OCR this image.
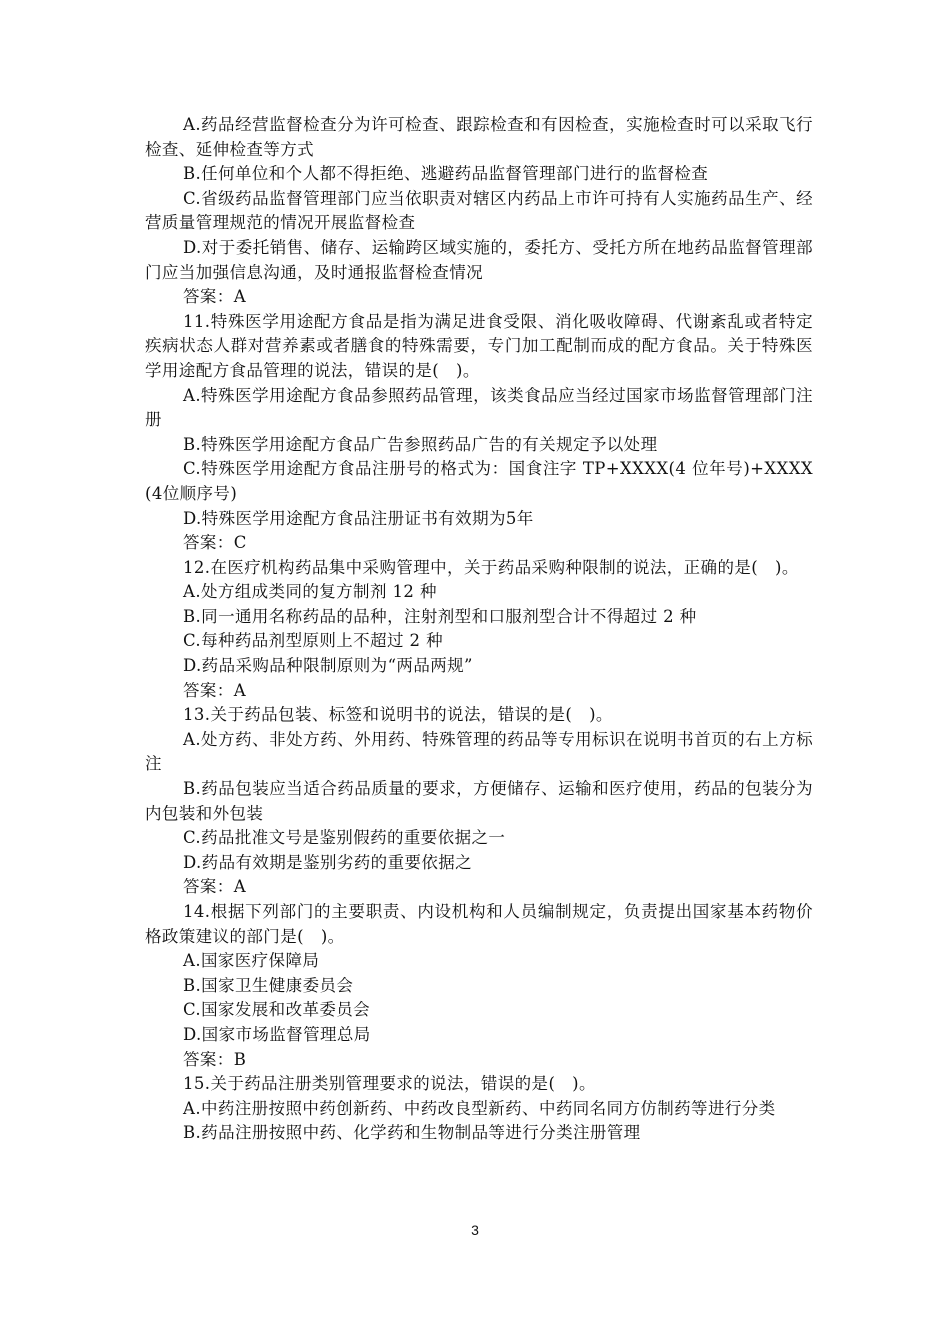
A.药品经营监督检查分为许可检查、跟踪检查和有因检查，实施检查时可以采取飞行检查、延伸检查等方式

B.任何单位和个人都不得拒绝、逃避药品监督管理部门进行的监督检查

C.省级药品监督管理部门应当依职责对辖区内药品上市许可持有人实施药品生产、经营质量管理规范的情况开展监督检查

D.对于委托销售、储存、运输跨区域实施的，委托方、受托方所在地药品监督管理部门应当加强信息沟通，及时通报监督检查情况

答案：A

11.特殊医学用途配方食品是指为满足进食受限、消化吸收障碍、代谢紊乱或者特定疾病状态人群对营养素或者膳食的特殊需要，专门加工配制而成的配方食品。关于特殊医学用途配方食品管理的说法，错误的是(　)。

A.特殊医学用途配方食品参照药品管理，该类食品应当经过国家市场监督管理部门注册

B.特殊医学用途配方食品广告参照药品广告的有关规定予以处理

C.特殊医学用途配方食品注册号的格式为：国食注字 TP+XXXX(4 位年号)+XXXX(4位顺序号)

D.特殊医学用途配方食品注册证书有效期为5年

答案：C

12.在医疗机构药品集中采购管理中，关于药品采购种限制的说法，正确的是(　)。

A.处方组成类同的复方制剂 12 种

B.同一通用名称药品的品种，注射剂型和口服剂型合计不得超过 2 种

C.每种药品剂型原则上不超过 2 种

D.药品采购品种限制原则为“两品两规”

答案：A

13.关于药品包装、标签和说明书的说法，错误的是(　)。

A.处方药、非处方药、外用药、特殊管理的药品等专用标识在说明书首页的右上方标注

B.药品包装应当适合药品质量的要求，方便储存、运输和医疗使用，药品的包装分为内包装和外包装

C.药品批准文号是鉴别假药的重要依据之一

D.药品有效期是鉴别劣药的重要依据之

答案：A

14.根据下列部门的主要职责、内设机构和人员编制规定，负责提出国家基本药物价格政策建议的部门是(　)。

A.国家医疗保障局

B.国家卫生健康委员会

C.国家发展和改革委员会

D.国家市场监督管理总局

答案：B

15.关于药品注册类别管理要求的说法，错误的是(　)。

A.中药注册按照中药创新药、中药改良型新药、中药同名同方仿制药等进行分类

B.药品注册按照中药、化学药和生物制品等进行分类注册管理

3
